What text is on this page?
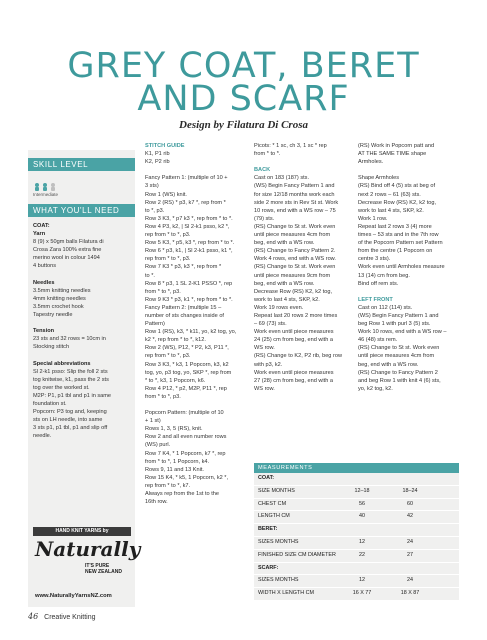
GREY COAT, BERET
AND SCARF
Design by Filatura Di Crosa
SKILL LEVEL
Intermediate
WHAT YOU'LL NEED
COAT:
Yarn
8 (9) x 50gm balls Filatura di
Crosa Zara 100% extra fine
merino wool in colour 1494
4 buttons
Needles
3.5mm knitting needles
4mm knitting needles
3.5mm crochet hook
Tapestry needle
Tension
23 sts and 32 rows = 10cm in
Stocking stitch
Special abbreviations
Sl 2-k1 psso: Slip the foll 2 sts
tog knitwise, k1, pass the 2 sts
tog over the worked st.
M2P: P1, p1 tbl and p1 in same
foundation st.
Popcorn: P3 tog and, keeping
sts on LH needle, into same
3 sts p1, p1 tbl, p1 and slip off
needle.
HAND KNIT YARNS by
Naturally
IT'S PURE
NEW ZEALAND
www.NaturallyYarnsNZ.com
STITCH GUIDE
K1, P1 rib
K2, P2 rib
Fancy Pattern 1: (multiple of 10 +
3 sts)
Row 1 (WS) knit.
Row 2 (RS) * p3, k7 *, rep from *
to *, p3.
Row 3 K3, * p7 k3 *, rep from * to *.
Row 4 P3, k2, | Sl 2-k1 psso, k2 *,
rep from * to *, p3.
Row 5 K3, * p5, k3 *, rep from * to *.
Row 6 * p3, k1, | Sl 2-k1 psso, k1 *,
rep from * to *, p3.
Row 7 K3 * p3, k3 *, rep from *
to *.
Row 8 * p3, 1 SL 2-K1 PSSO *, rep
from * to *, p3.
Row 9 K3 * p3, k1 *, rep from * to *.
Fancy Pattern 2: (multiple 15 –
number of sts changes inside of
Pattern)
Row 1 (RS), k3, * k11, yo, k2 tog, yo,
k2 *, rep from * to *, k12.
Row 2 (WS), P12, * P2, k3, P11 *,
rep from * to *, p3.
Row 3 K3, * k3, 1 Popcorn, k3, k2
tog, yo, p3 tog, yo, SKP *, rep from
* to *, k3, 1 Popcorn, k6.
Row 4 P12, * p2, M2P, P11 *, rep
from * to *, p3.
Popcorn Pattern: (multiple of 10
+ 1 st)
Rows 1, 3, 5 (RS), knit.
Row 2 and all even number rows
(WS) purl.
Row 7 K4, * 1 Popcorn, k7 *, rep
from * to *, 1 Popcorn, k4.
Rows 9, 11 and 13 Knit.
Row 15 K4, * k5, 1 Popcorn, k2 *,
rep from * to *, k7.
Always rep from the 1st to the
16th row.
Picots: * 1 sc, ch 3, 1 sc * rep
from * to *.
BACK
Cast on 183 (187) sts.
(WS) Begin Fancy Pattern 1 and
for size 12/18 months work each
side 2 more sts in Rev St st. Work
10 rows, end with a WS row – 75
(79) sts.
(RS) Change to St st. Work even
until piece measures 4cm from
beg, end with a WS row.
(RS) Change to Fancy Pattern 2.
Work 4 rows, end with a WS row.
(RS) Change to St st. Work even
until piece measures 9cm from
beg, end with a WS row.
Decrease Row (RS) K2, k2 tog,
work to last 4 sts, SKP, k2.
Work 19 rows even.
Repeat last 20 rows 2 more times
– 69 (73) sts.
Work even until piece measures
24 (25) cm from beg, end with a
WS row.
(RS) Change to K2, P2 rib, beg row
with p3, k2.
Work even until piece measures
27 (28) cm from beg, end with a
WS row.
(RS) Work in Popcorn patt and
AT THE SAME TIME shape
Armholes.
Shape Armholes
(RS) Bind off 4 (5) sts at beg of
next 2 rows – 61 (63) sts.
Decrease Row (RS) K2, k2 tog,
work to last 4 sts, SKP, k2.
Work 1 row.
Repeat last 2 rows 3 (4) more
times – 53 sts and in the 7th row
of the Popcorn Pattern set Pattern
from the centre (1 Popcorn on
centre 3 sts).
Work even until Armholes measure
13 (14) cm from beg.
Bind off rem sts.
LEFT FRONT
Cast on 112 (114) sts.
(WS) Begin Fancy Pattern 1 and
beg Row 1 with purl 3 (5) sts.
Work 10 rows, end with a WS row –
46 (48) sts rem.
(RS) Change to St st. Work even
until piece measures 4cm from
beg, end with a WS row.
(RS) Change to Fancy Pattern 2
and beg Row 1 with knit 4 (6) sts,
yo, k2 tog, k2.
MEASUREMENTS
COAT:
SIZE MONTHS	12–18	18–24
CHEST CM	56	60
LENGTH CM	40	42
BERET:
SIZES MONTHS	12	24
FINISHED SIZE CM DIAMETER	22	27
SCARF:
SIZES MONTHS	12	24
WIDTH X LENGTH CM	16 X 77	18 X 87
46 Creative Knitting
